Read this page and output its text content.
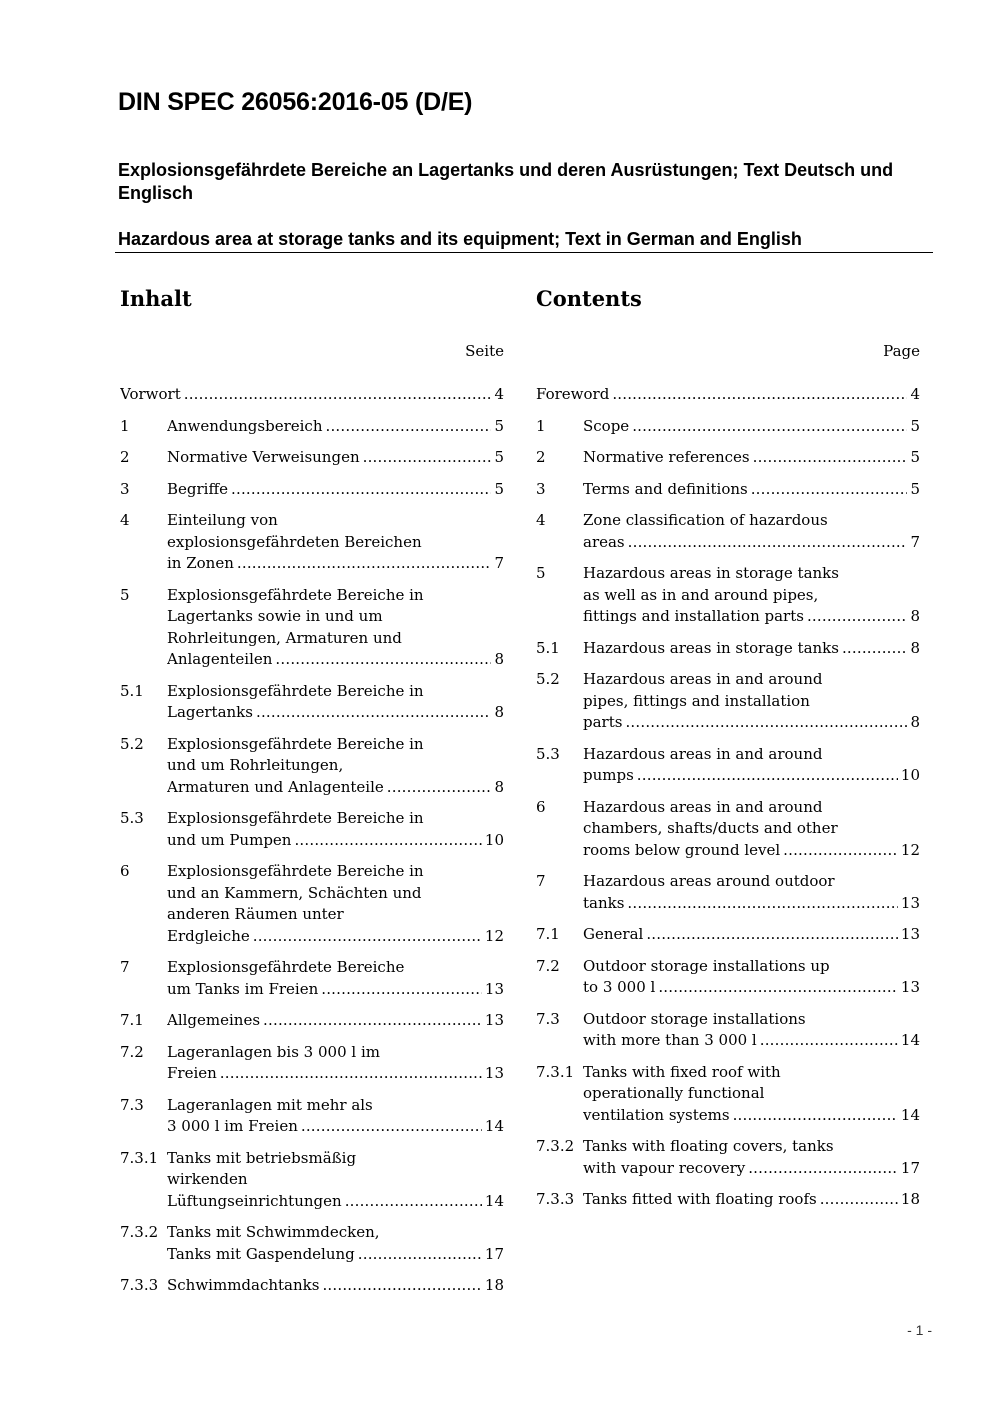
DIN SPEC 26056:2016-05 (D/E)
Explosionsgefährdete Bereiche an Lagertanks und deren Ausrüstungen; Text Deutsch und Englisch
Hazardous area at storage tanks and its equipment; Text in German and English
Inhalt
Seite
Vorwort .....	4
1	Anwendungsbereich .....	5
2	Normative Verweisungen .....	5
3	Begriffe .....	5
4	Einteilung von
explosionsgefährdeten Bereichen
in Zonen .....	7
5	Explosionsgefährdete Bereiche in
Lagertanks sowie in und um
Rohrleitungen, Armaturen und
Anlagenteilen .....	8
5.1	Explosionsgefährdete Bereiche in
Lagertanks .....	8
5.2	Explosionsgefährdete Bereiche in
und um Rohrleitungen,
Armaturen und Anlagenteile .....	8
5.3	Explosionsgefährdete Bereiche in
und um Pumpen .....	10
6	Explosionsgefährdete Bereiche in
und an Kammern, Schächten und
anderen Räumen unter
Erdgleiche .....	12
7	Explosionsgefährdete Bereiche
um Tanks im Freien .....	13
7.1	Allgemeines .....	13
7.2	Lageranlagen bis 3 000 l im
Freien .....	13
7.3	Lageranlagen mit mehr als
3 000 l im Freien .....	14
7.3.1 Tanks mit betriebsmäßig
wirkenden
Lüftungseinrichtungen .....	14
7.3.2 Tanks mit Schwimmdecken,
Tanks mit Gaspendelung .....	17
7.3.3 Schwimmdachtanks .....	18
Contents
Page
Foreword .....	4
1	Scope .....	5
2	Normative references .....	5
3	Terms and definitions .....	5
4	Zone classification of hazardous
areas .....	7
5	Hazardous areas in storage tanks
as well as in and around pipes,
fittings and installation parts .....	8
5.1	Hazardous areas in storage tanks .....	8
5.2	Hazardous areas in and around
pipes, fittings and installation
parts .....	8
5.3	Hazardous areas in and around
pumps .....	10
6	Hazardous areas in and around
chambers, shafts/ducts and other
rooms below ground level .....	12
7	Hazardous areas around outdoor
tanks .....	13
7.1	General .....	13
7.2	Outdoor storage installations up
to 3 000 l .....	13
7.3	Outdoor storage installations
with more than 3 000 l .....	14
7.3.1 Tanks with fixed roof with
operationally functional
ventilation systems .....	14
7.3.2 Tanks with floating covers, tanks
with vapour recovery .....	17
7.3.3 Tanks fitted with floating roofs .....	18
- 1 -
